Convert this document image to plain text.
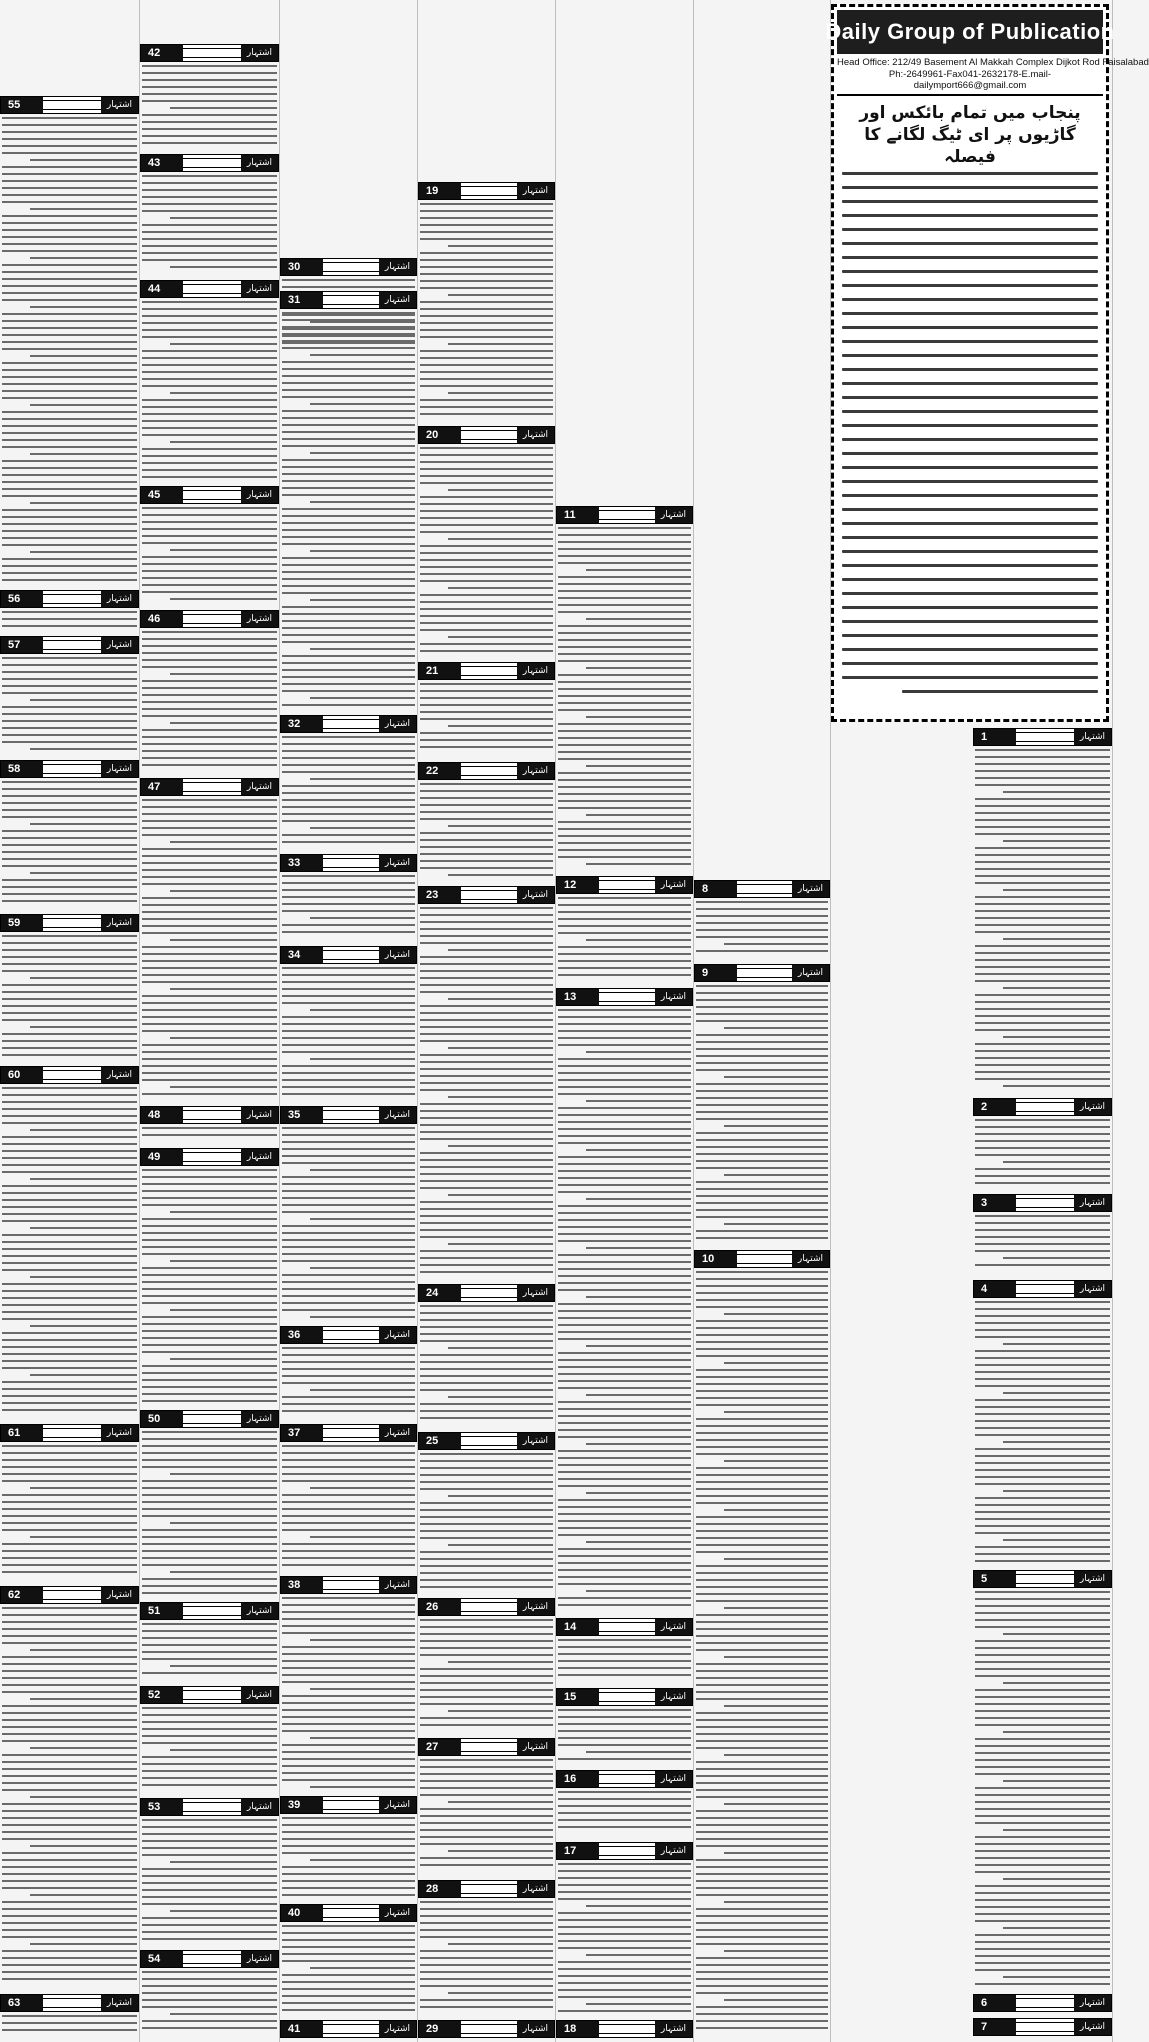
55	اشتہار
56	اشتہار
57	اشتہار
58	اشتہار
59	اشتہار
60	اشتہار
61	اشتہار
62	اشتہار
63	اشتہار
42	اشتہار
43	اشتہار
44	اشتہار
45	اشتہار
46	اشتہار
47	اشتہار
48	اشتہار
49	اشتہار
50	اشتہار
51	اشتہار
52	اشتہار
53	اشتہار
54	اشتہار
30	اشتہار
31	اشتہار
32	اشتہار
33	اشتہار
34	اشتہار
35	اشتہار
36	اشتہار
37	اشتہار
38	اشتہار
39	اشتہار
40	اشتہار
41	اشتہار
19	اشتہار
20	اشتہار
21	اشتہار
22	اشتہار
23	اشتہار
24	اشتہار
25	اشتہار
26	اشتہار
27	اشتہار
28	اشتہار
29	اشتہار
11	اشتہار
12	اشتہار
13	اشتہار
14	اشتہار
15	اشتہار
16	اشتہار
17	اشتہار
18	اشتہار
8	اشتہار
9	اشتہار
10	اشتہار
1	اشتہار
2	اشتہار
3	اشتہار
4	اشتہار
5	اشتہار
6	اشتہار
7	اشتہار
Daily Group of Publication
Head Office: 212/49 Basement Al Makkah Complex Dijkot Rod Faisalabad
Ph:-2649961-Fax041-2632178-E.mail-dailymport666@gmail.com
پنجاب میں تمام بائکس اور گاڑیوں پر ای ٹیگ لگانے کا فیصلہ
